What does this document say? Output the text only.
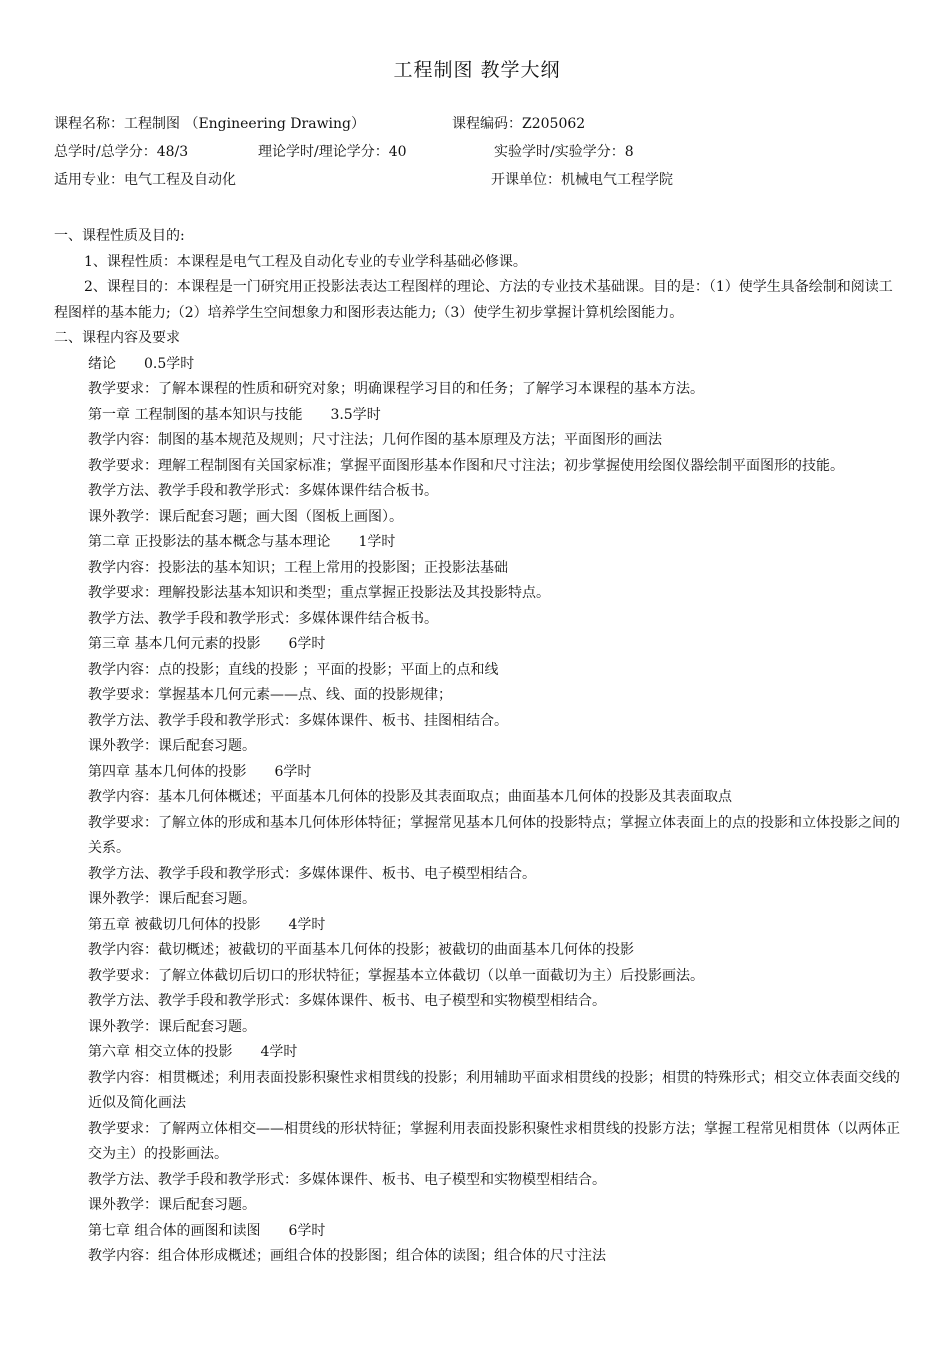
工程制图 教学大纲
课程名称：工程制图 （Engineering Drawing）	课程编码：Z205062
总学时/总学分：48/3	理论学时/理论学分：40	实验学时/实验学分：8
适用专业：电气工程及自动化	开课单位：机械电气工程学院
一、课程性质及目的:
1、课程性质：本课程是电气工程及自动化专业的专业学科基础必修课。
2、课程目的：本课程是一门研究用正投影法表达工程图样的理论、方法的专业技术基础课。目的是：（1）使学生具备绘制和阅读工程图样的基本能力;（2）培养学生空间想象力和图形表达能力;（3）使学生初步掌握计算机绘图能力。
二、课程内容及要求
绪论　　0.5学时
教学要求：了解本课程的性质和研究对象；明确课程学习目的和任务；了解学习本课程的基本方法。
第一章 工程制图的基本知识与技能　　3.5学时
教学内容：制图的基本规范及规则；尺寸注法；几何作图的基本原理及方法；平面图形的画法
教学要求：理解工程制图有关国家标准；掌握平面图形基本作图和尺寸注法；初步掌握使用绘图仪器绘制平面图形的技能。
教学方法、教学手段和教学形式：多媒体课件结合板书。
课外教学：课后配套习题；画大图（图板上画图）。
第二章 正投影法的基本概念与基本理论　　1学时
教学内容：投影法的基本知识；工程上常用的投影图；正投影法基础
教学要求：理解投影法基本知识和类型；重点掌握正投影法及其投影特点。
教学方法、教学手段和教学形式：多媒体课件结合板书。
第三章 基本几何元素的投影　　6学时
教学内容：点的投影；直线的投影 ；平面的投影；平面上的点和线
教学要求：掌握基本几何元素——点、线、面的投影规律；
教学方法、教学手段和教学形式：多媒体课件、板书、挂图相结合。
课外教学：课后配套习题。
第四章 基本几何体的投影　　6学时
教学内容：基本几何体概述；平面基本几何体的投影及其表面取点；曲面基本几何体的投影及其表面取点
教学要求：了解立体的形成和基本几何体形体特征；掌握常见基本几何体的投影特点；掌握立体表面上的点的投影和立体投影之间的关系。
教学方法、教学手段和教学形式：多媒体课件、板书、电子模型相结合。
课外教学：课后配套习题。
第五章 被截切几何体的投影　　4学时
教学内容：截切概述；被截切的平面基本几何体的投影；被截切的曲面基本几何体的投影
教学要求：了解立体截切后切口的形状特征；掌握基本立体截切（以单一面截切为主）后投影画法。
教学方法、教学手段和教学形式：多媒体课件、板书、电子模型和实物模型相结合。
课外教学：课后配套习题。
第六章 相交立体的投影　　4学时
教学内容：相贯概述；利用表面投影积聚性求相贯线的投影；利用辅助平面求相贯线的投影；相贯的特殊形式；相交立体表面交线的近似及简化画法
教学要求：了解两立体相交——相贯线的形状特征；掌握利用表面投影积聚性求相贯线的投影方法；掌握工程常见相贯体（以两体正交为主）的投影画法。
教学方法、教学手段和教学形式：多媒体课件、板书、电子模型和实物模型相结合。
课外教学：课后配套习题。
第七章 组合体的画图和读图　　6学时
教学内容：组合体形成概述；画组合体的投影图；组合体的读图；组合体的尺寸注法
